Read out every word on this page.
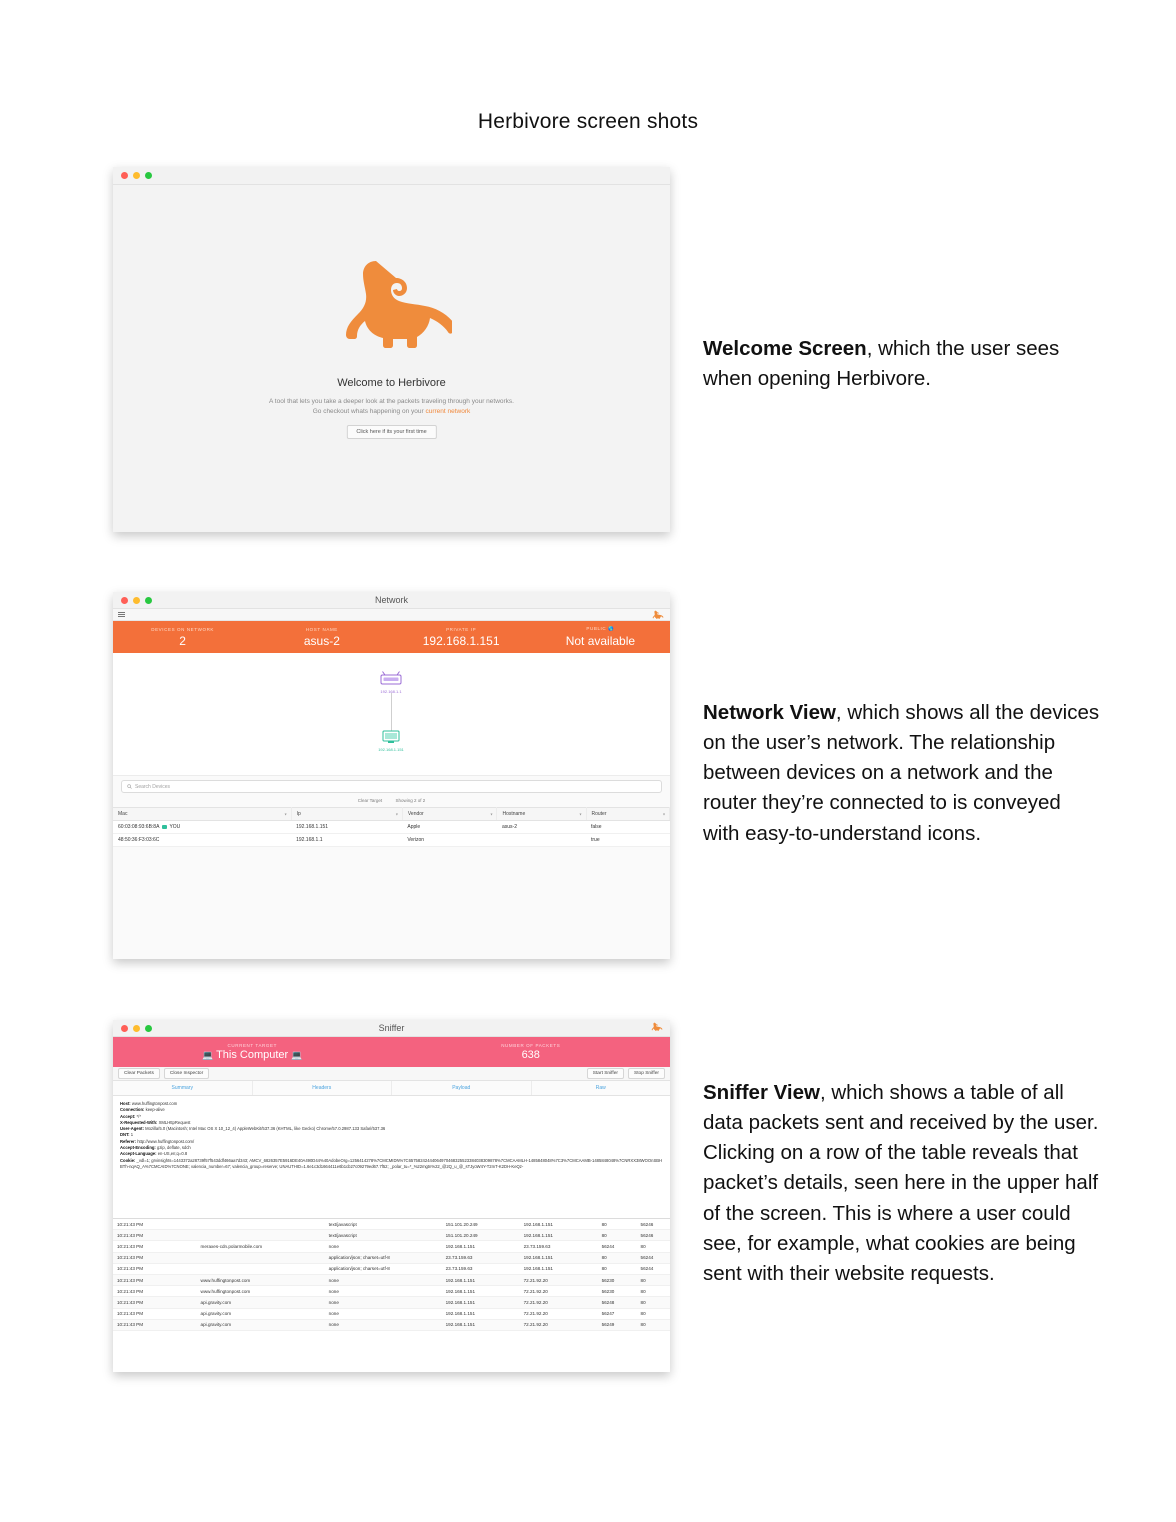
Herbivore screen shots
Welcome to Herbivore
A tool that lets you take a deeper look at the packets traveling through your networks.
Go checkout whats happening on your current network
Click here if its your first time
Network
DEVICES ON NETWORK
2
HOST NAME
asus-2
PRIVATE IP
192.168.1.151
PUBLIC 🌎
Not available
192.168.1.1
192.168.1.151
Search Devices
Clear Target	Showing 2 of 2
Mac ▾	Ip ▾	Vendor ▾	Hostname ▾	Router ▾

60:03:08:93:6B:8A YOU	192.168.1.151	Apple	asus-2	false
48:50:36:F3:03:6C	192.168.1.1	Verizon		true
Sniffer
CURRENT TARGET
💻 This Computer 💻
NUMBER OF PACKETS
638
Clear Packets	Close Inspector	Start Sniffer	Stop Sniffer
Summary	Headers	Payload	Raw
Host: www.huffingtonpost.com
Connection: keep-alive
Accept: */*
X-Requested-With: XMLHttpRequest
User-Agent: Mozilla/5.0 (Macintosh; Intel Mac OS X 10_12_4) AppleWebKit/537.36 (KHTML, like Gecko) Chrome/57.0.2987.133 Safari/537.36
DNT: 1
Referer: http://www.huffingtonpost.com/
Accept-Encoding: gzip, deflate, sdch
Accept-Language: en-US,en;q=0.8
Cookie: _vdl=1; grvinsights=1443372a28739f57f543ddf466aa7d343; AMCV_6826357E5916DE40A490D44%40AdobeOrg=1256414278%7CMCMIDN%7C65758242444064970468325523384038309878%7CMCAAMLH-1485848048%7C3%7CMCAAMB-1485848048%7CNRXX38WOOnSBHBTh-nqAQ_A%7CMCAID%7CNONE; valencia_number=67; valencia_group=reserve; UNAUTHID=1.6e1c3d1664411e6b1cb27c09279ed67.7f52; _polar_tu=*_%22mgtn%22_@2Q_u_@_sTJyoW4Y-T2mT-K2DH-KeQz-
10:21:43 PM		text/javascript	151.101.20.249	192.168.1.151	80	56246
10:21:43 PM		text/javascript	151.101.20.249	192.168.1.151	80	56246
10:21:43 PM	meraxes-cdn.polarmobile.com	none	192.168.1.151	23.73.159.63	56244	80
10:21:43 PM		application/json; charset=utf-8	23.73.159.63	192.168.1.151	80	56244
10:21:43 PM		application/json; charset=utf-8	23.73.159.63	192.168.1.151	80	56244
10:21:43 PM	www.huffingtonpost.com	none	192.168.1.151	72.21.92.20	56230	80
10:21:43 PM	www.huffingtonpost.com	none	192.168.1.151	72.21.92.20	56230	80
10:21:43 PM	api.gravity.com	none	192.168.1.151	72.21.92.20	56248	80
10:21:43 PM	api.gravity.com	none	192.168.1.151	72.21.92.20	56247	80
10:21:43 PM	api.gravity.com	none	192.168.1.151	72.21.92.20	56249	80
Welcome Screen, which the user sees when opening Herbivore.
Network View, which shows all the devices on the user’s network. The relationship between devices on a network and the router they’re connected to is conveyed with easy-to-understand icons.
Sniffer View, which shows a table of all data packets sent and received by the user. Clicking on a row of the table reveals that packet’s details, seen here in the upper half of the screen. This is where a user could see, for example, what cookies are being sent with their website requests.
